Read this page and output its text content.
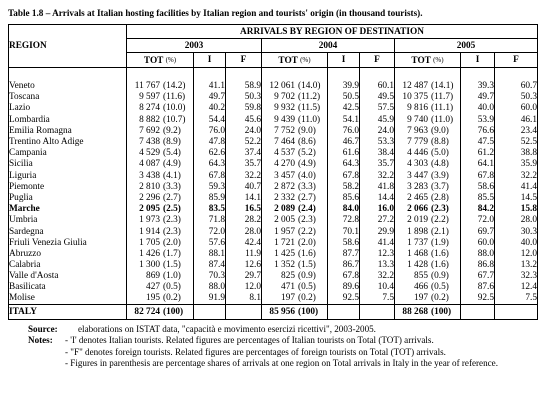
Table 1.8 – Arrivals at Italian hosting facilities by Italian region and tourists' origin (in thousand tourists).
REGION	ARRIVALS BY REGION OF DESTINATION								
	2003			2004			2005		
	TOT (%)	I	F	TOT (%)	I	F	TOT (%)	I	F

Veneto	11 767 (14.2)	41.1	58.9	12 061 (14.0)	39.9	60.1	12 487 (14.1)	39.3	60.7
Toscana	9 597 (11.6)	49.7	50.3	9 702 (11.2)	50.5	49.5	10 375 (11.7)	49.7	50.3
Lazio	8 274 (10.0)	40.2	59.8	9 932 (11.5)	42.5	57.5	9 816 (11.1)	40.0	60.0
Lombardia	8 882 (10.7)	54.4	45.6	9 439 (11.0)	54.1	45.9	9 740 (11.0)	53.9	46.1
Emilia Romagna	7 692 (9.2)	76.0	24.0	7 752 (9.0)	76.0	24.0	7 963 (9.0)	76.6	23.4
Trentino Alto Adige	7 438 (8.9)	47.8	52.2	7 464 (8.6)	46.7	53.3	7 779 (8.8)	47.5	52.5
Campania	4 529 (5.4)	62.6	37.4	4 537 (5.2)	61.6	38.4	4 446 (5.0)	61.2	38.8
Sicilia	4 087 (4.9)	64.3	35.7	4 270 (4.9)	64.3	35.7	4 303 (4.8)	64.1	35.9
Liguria	3 438 (4.1)	67.8	32.2	3 457 (4.0)	67.8	32.2	3 447 (3.9)	67.8	32.2
Piemonte	2 810 (3.3)	59.3	40.7	2 872 (3.3)	58.2	41.8	3 283 (3.7)	58.6	41.4
Puglia	2 296 (2.7)	85.9	14.1	2 332 (2.7)	85.6	14.4	2 465 (2.8)	85.5	14.5
Marche	2 095 (2.5)	83.5	16.5	2 089 (2.4)	84.0	16.0	2 066 (2.3)	84.2	15.8
Umbria	1 973 (2.3)	71.8	28.2	2 005 (2.3)	72.8	27.2	2 019 (2.2)	72.0	28.0
Sardegna	1 914 (2.3)	72.0	28.0	1 957 (2.2)	70.1	29.9	1 898 (2.1)	69.7	30.3
Friuli Venezia Giulia	1 705 (2.0)	57.6	42.4	1 721 (2.0)	58.6	41.4	1 737 (1.9)	60.0	40.0
Abruzzo	1 426 (1.7)	88.1	11.9	1 425 (1.6)	87.7	12.3	1 468 (1.6)	88.0	12.0
Calabria	1 300 (1.5)	87.4	12.6	1 352 (1.5)	86.7	13.3	1 428 (1.6)	86.8	13.2
Valle d'Aosta	869 (1.0)	70.3	29.7	825 (0.9)	67.8	32.2	855 (0.9)	67.7	32.3
Basilicata	427 (0.5)	88.0	12.0	471 (0.5)	89.6	10.4	466 (0.5)	87.6	12.4
Molise	195 (0.2)	91.9	8.1	197 (0.2)	92.5	7.5	197 (0.2)	92.5	7.5
ITALY	82 724 (100)			85 956 (100)			88 268 (100)		
Source:	elaborations on ISTAT data, "capacità e movimento esercizi ricettivi", 2003-2005.
Notes:	- 'I' denotes Italian tourists. Related figures are percentages of Italian tourists on Total (TOT) arrivals.
- "F" denotes foreign tourists. Related figures are percentages of foreign tourists on Total (TOT) arrivals.
- Figures in parenthesis are percentage shares of arrivals at one region on Total arrivals in Italy in the year of reference.
